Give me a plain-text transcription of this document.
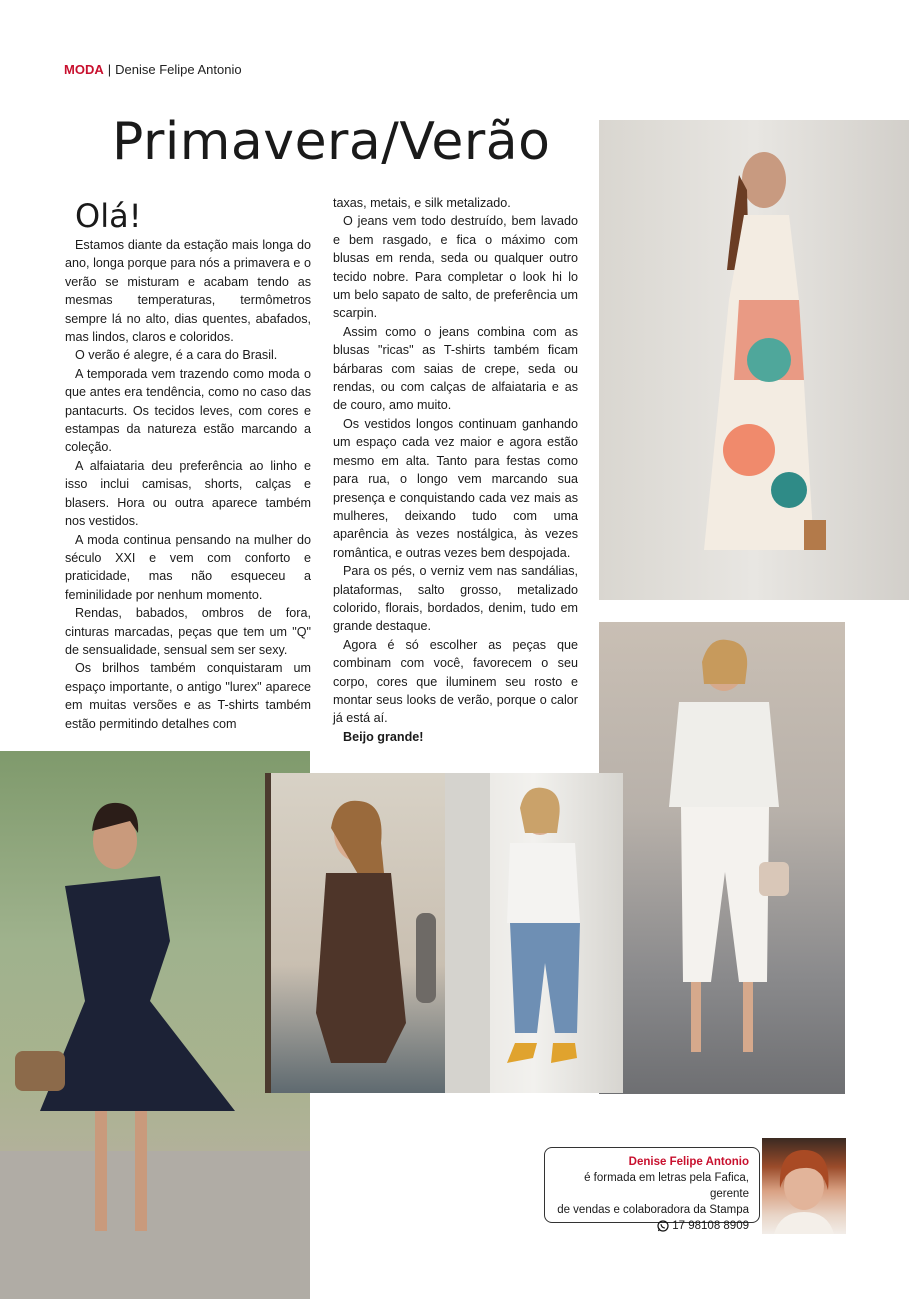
MODA | Denise Felipe Antonio
Primavera/Verão
Olá!

Estamos diante da estação mais longa do ano, longa porque para nós a primavera e o verão se misturam e acabam tendo as mesmas temperaturas, termômetros sempre lá no alto, dias quentes, abafados, mas lindos, claros e coloridos.

O verão é alegre, é a cara do Brasil.

A temporada vem trazendo como moda o que antes era tendência, como no caso das pantacurts. Os tecidos leves, com cores e estampas da natureza estão marcando a coleção.

A alfaiataria deu preferência ao linho e isso inclui camisas, shorts, calças e blasers. Hora ou outra aparece também nos vestidos.

A moda continua pensando na mulher do século XXI e vem com conforto e praticidade, mas não esqueceu a feminilidade por nenhum momento.

Rendas, babados, ombros de fora, cinturas marcadas, peças que tem um "Q" de sensualidade, sensual sem ser sexy.

Os brilhos também conquistaram um espaço importante, o antigo "lurex" aparece em muitas versões e as T-shirts também estão permitindo detalhes com

taxas, metais, e silk metalizado.

O jeans vem todo destruído, bem lavado e bem rasgado, e fica o máximo com blusas em renda, seda ou qualquer outro tecido nobre. Para completar o look hi lo um belo sapato de salto, de preferência um scarpin.

Assim como o jeans combina com as blusas "ricas" as T-shirts também ficam bárbaras com saias de crepe, seda ou rendas, ou com calças de alfaiataria e as de couro, amo muito.

Os vestidos longos continuam ganhando um espaço cada vez maior e agora estão mesmo em alta. Tanto para festas como para rua, o longo vem marcando sua presença e conquistando cada vez mais as mulheres, deixando tudo com uma aparência às vezes nostálgica, às vezes romântica, e outras vezes bem despojada.

Para os pés, o verniz vem nas sandálias, plataformas, salto grosso, metalizado colorido, florais, bordados, denim, tudo em grande destaque.

Agora é só escolher as peças que combinam com você, favorecem o seu corpo, cores que iluminem seu rosto e montar seus looks de verão, porque o calor já está aí.

Beijo grande!

Denise Felipe Antonio
é formada em letras pela Fafica, gerente
de vendas e colaboradora da Stampa
17 98108 8909
